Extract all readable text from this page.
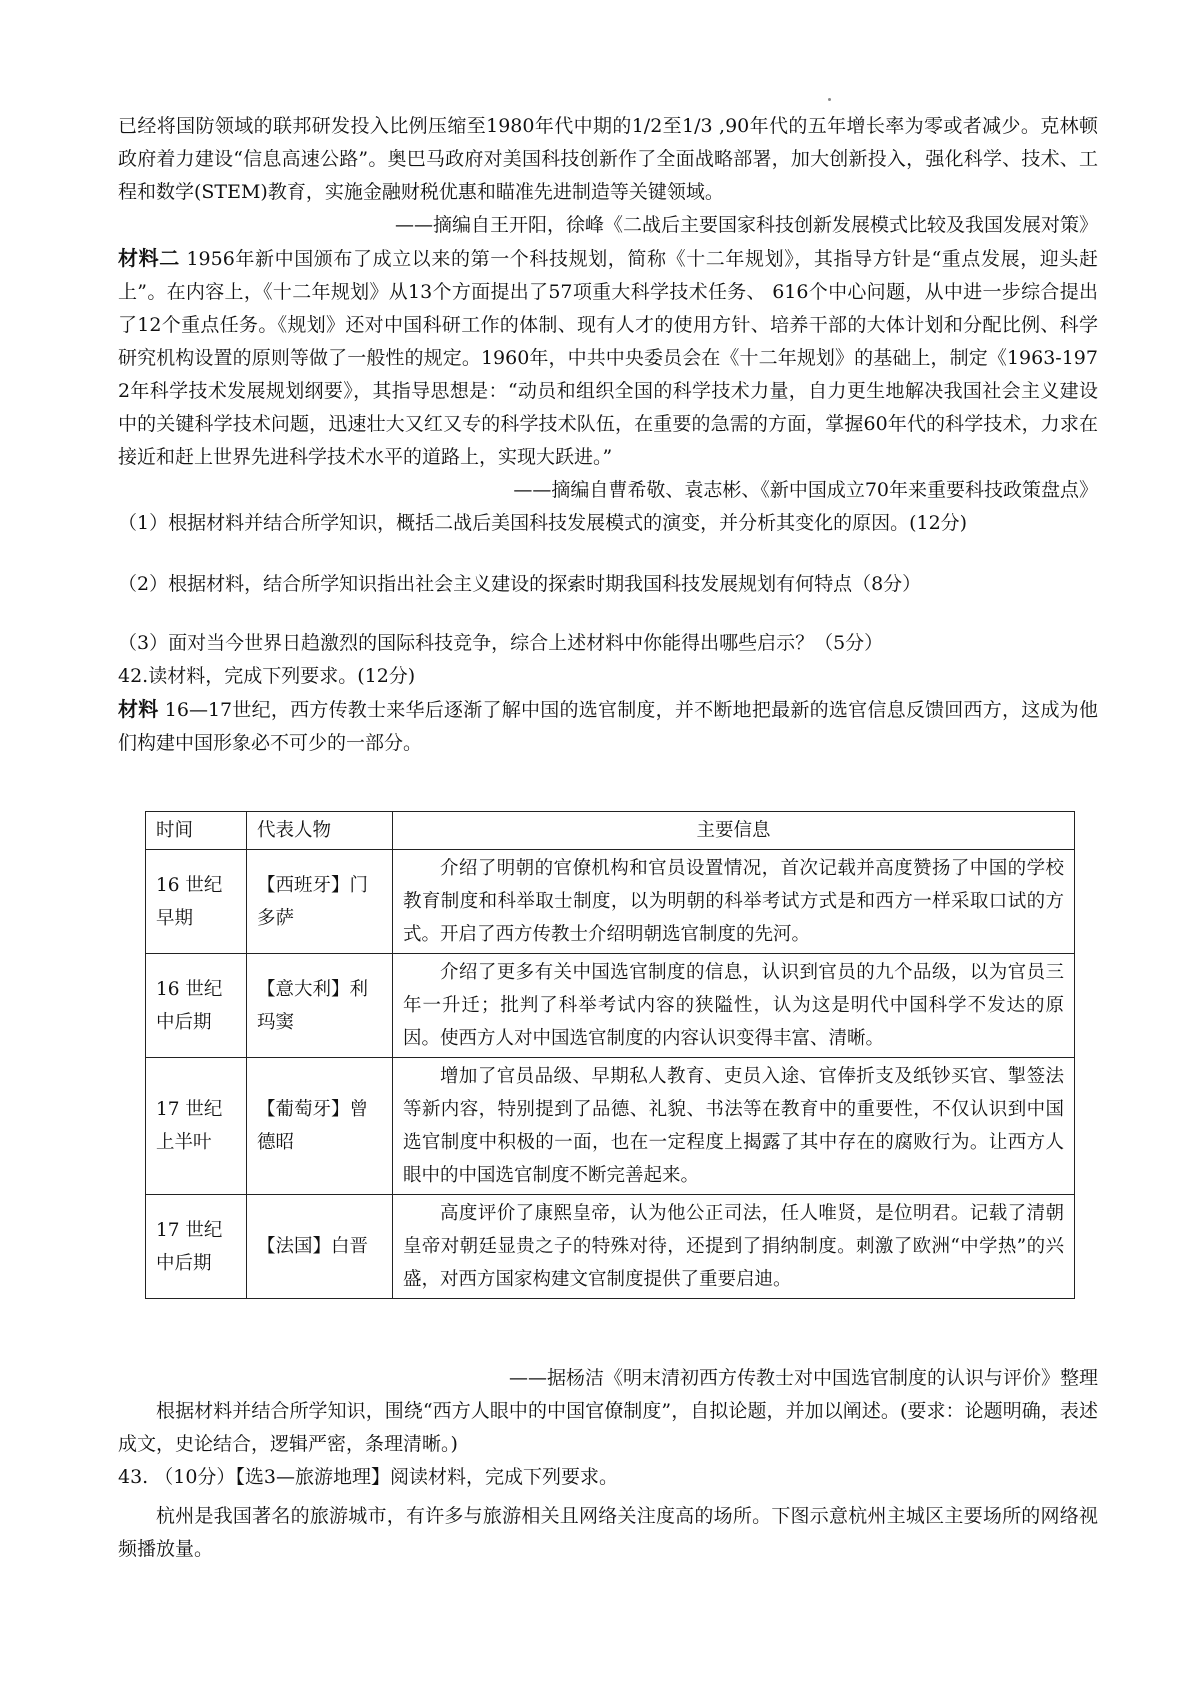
已经将国防领域的联邦研发投入比例压缩至1980年代中期的1/2至1/3 ,90年代的五年增长率为零或者减少。克林顿政府着力建设“信息高速公路”。奥巴马政府对美国科技创新作了全面战略部署，加大创新投入，强化科学、技术、工程和数学(STEM)教育，实施金融财税优惠和瞄准先进制造等关键领域。

——摘编自王开阳，徐峰《二战后主要国家科技创新发展模式比较及我国发展对策》

材料二 1956年新中国颁布了成立以来的第一个科技规划，简称《十二年规划》，其指导方针是“重点发展，迎头赶上”。在内容上，《十二年规划》从13个方面提出了57项重大科学技术任务、 616个中心问题，从中进一步综合提出了12个重点任务。《规划》还对中国科研工作的体制、现有人才的使用方针、培养干部的大体计划和分配比例、科学研究机构设置的原则等做了一般性的规定。1960年，中共中央委员会在《十二年规划》的基础上，制定《1963-1972年科学技术发展规划纲要》，其指导思想是：“动员和组织全国的科学技术力量，自力更生地解决我国社会主义建设中的关键科学技术问题，迅速壮大又红又专的科学技术队伍，在重要的急需的方面，掌握60年代的科学技术，力求在接近和赶上世界先进科学技术水平的道路上，实现大跃进。”

——摘编自曹希敬、袁志彬、《新中国成立70年来重要科技政策盘点》

（1）根据材料并结合所学知识，概括二战后美国科技发展模式的演变，并分析其变化的原因。(12分)

（2）根据材料，结合所学知识指出社会主义建设的探索时期我国科技发展规划有何特点（8分）

（3）面对当今世界日趋激烈的国际科技竞争，综合上述材料中你能得出哪些启示？（5分）

42.读材料，完成下列要求。(12分)

材料 16—17世纪，西方传教士来华后逐渐了解中国的选官制度，并不断地把最新的选官信息反馈回西方，这成为他们构建中国形象必不可少的一部分。

时间	代表人物	主要信息
16 世纪早期	【西班牙】门多萨	介绍了明朝的官僚机构和官员设置情况，首次记载并高度赞扬了中国的学校教育制度和科举取士制度，以为明朝的科举考试方式是和西方一样采取口试的方式。开启了西方传教士介绍明朝选官制度的先河。
16 世纪中后期	【意大利】利玛窦	介绍了更多有关中国选官制度的信息，认识到官员的九个品级，以为官员三年一升迁；批判了科举考试内容的狭隘性，认为这是明代中国科学不发达的原因。使西方人对中国选官制度的内容认识变得丰富、清晰。
17 世纪上半叶	【葡萄牙】曾德昭	增加了官员品级、早期私人教育、吏员入途、官俸折支及纸钞买官、掣签法等新内容，特别提到了品德、礼貌、书法等在教育中的重要性，不仅认识到中国选官制度中积极的一面，也在一定程度上揭露了其中存在的腐败行为。让西方人眼中的中国选官制度不断完善起来。
17 世纪中后期	【法国】白晋	高度评价了康熙皇帝，认为他公正司法，任人唯贤，是位明君。记载了清朝皇帝对朝廷显贵之子的特殊对待，还提到了捐纳制度。刺激了欧洲“中学热”的兴盛，对西方国家构建文官制度提供了重要启迪。

——据杨洁《明末清初西方传教士对中国选官制度的认识与评价》整理

根据材料并结合所学知识，围绕“西方人眼中的中国官僚制度”，自拟论题，并加以阐述。(要求：论题明确，表述成文，史论结合，逻辑严密，条理清晰。)

43. （10分）【选3—旅游地理】阅读材料，完成下列要求。

杭州是我国著名的旅游城市，有许多与旅游相关且网络关注度高的场所。下图示意杭州主城区主要场所的网络视频播放量。
